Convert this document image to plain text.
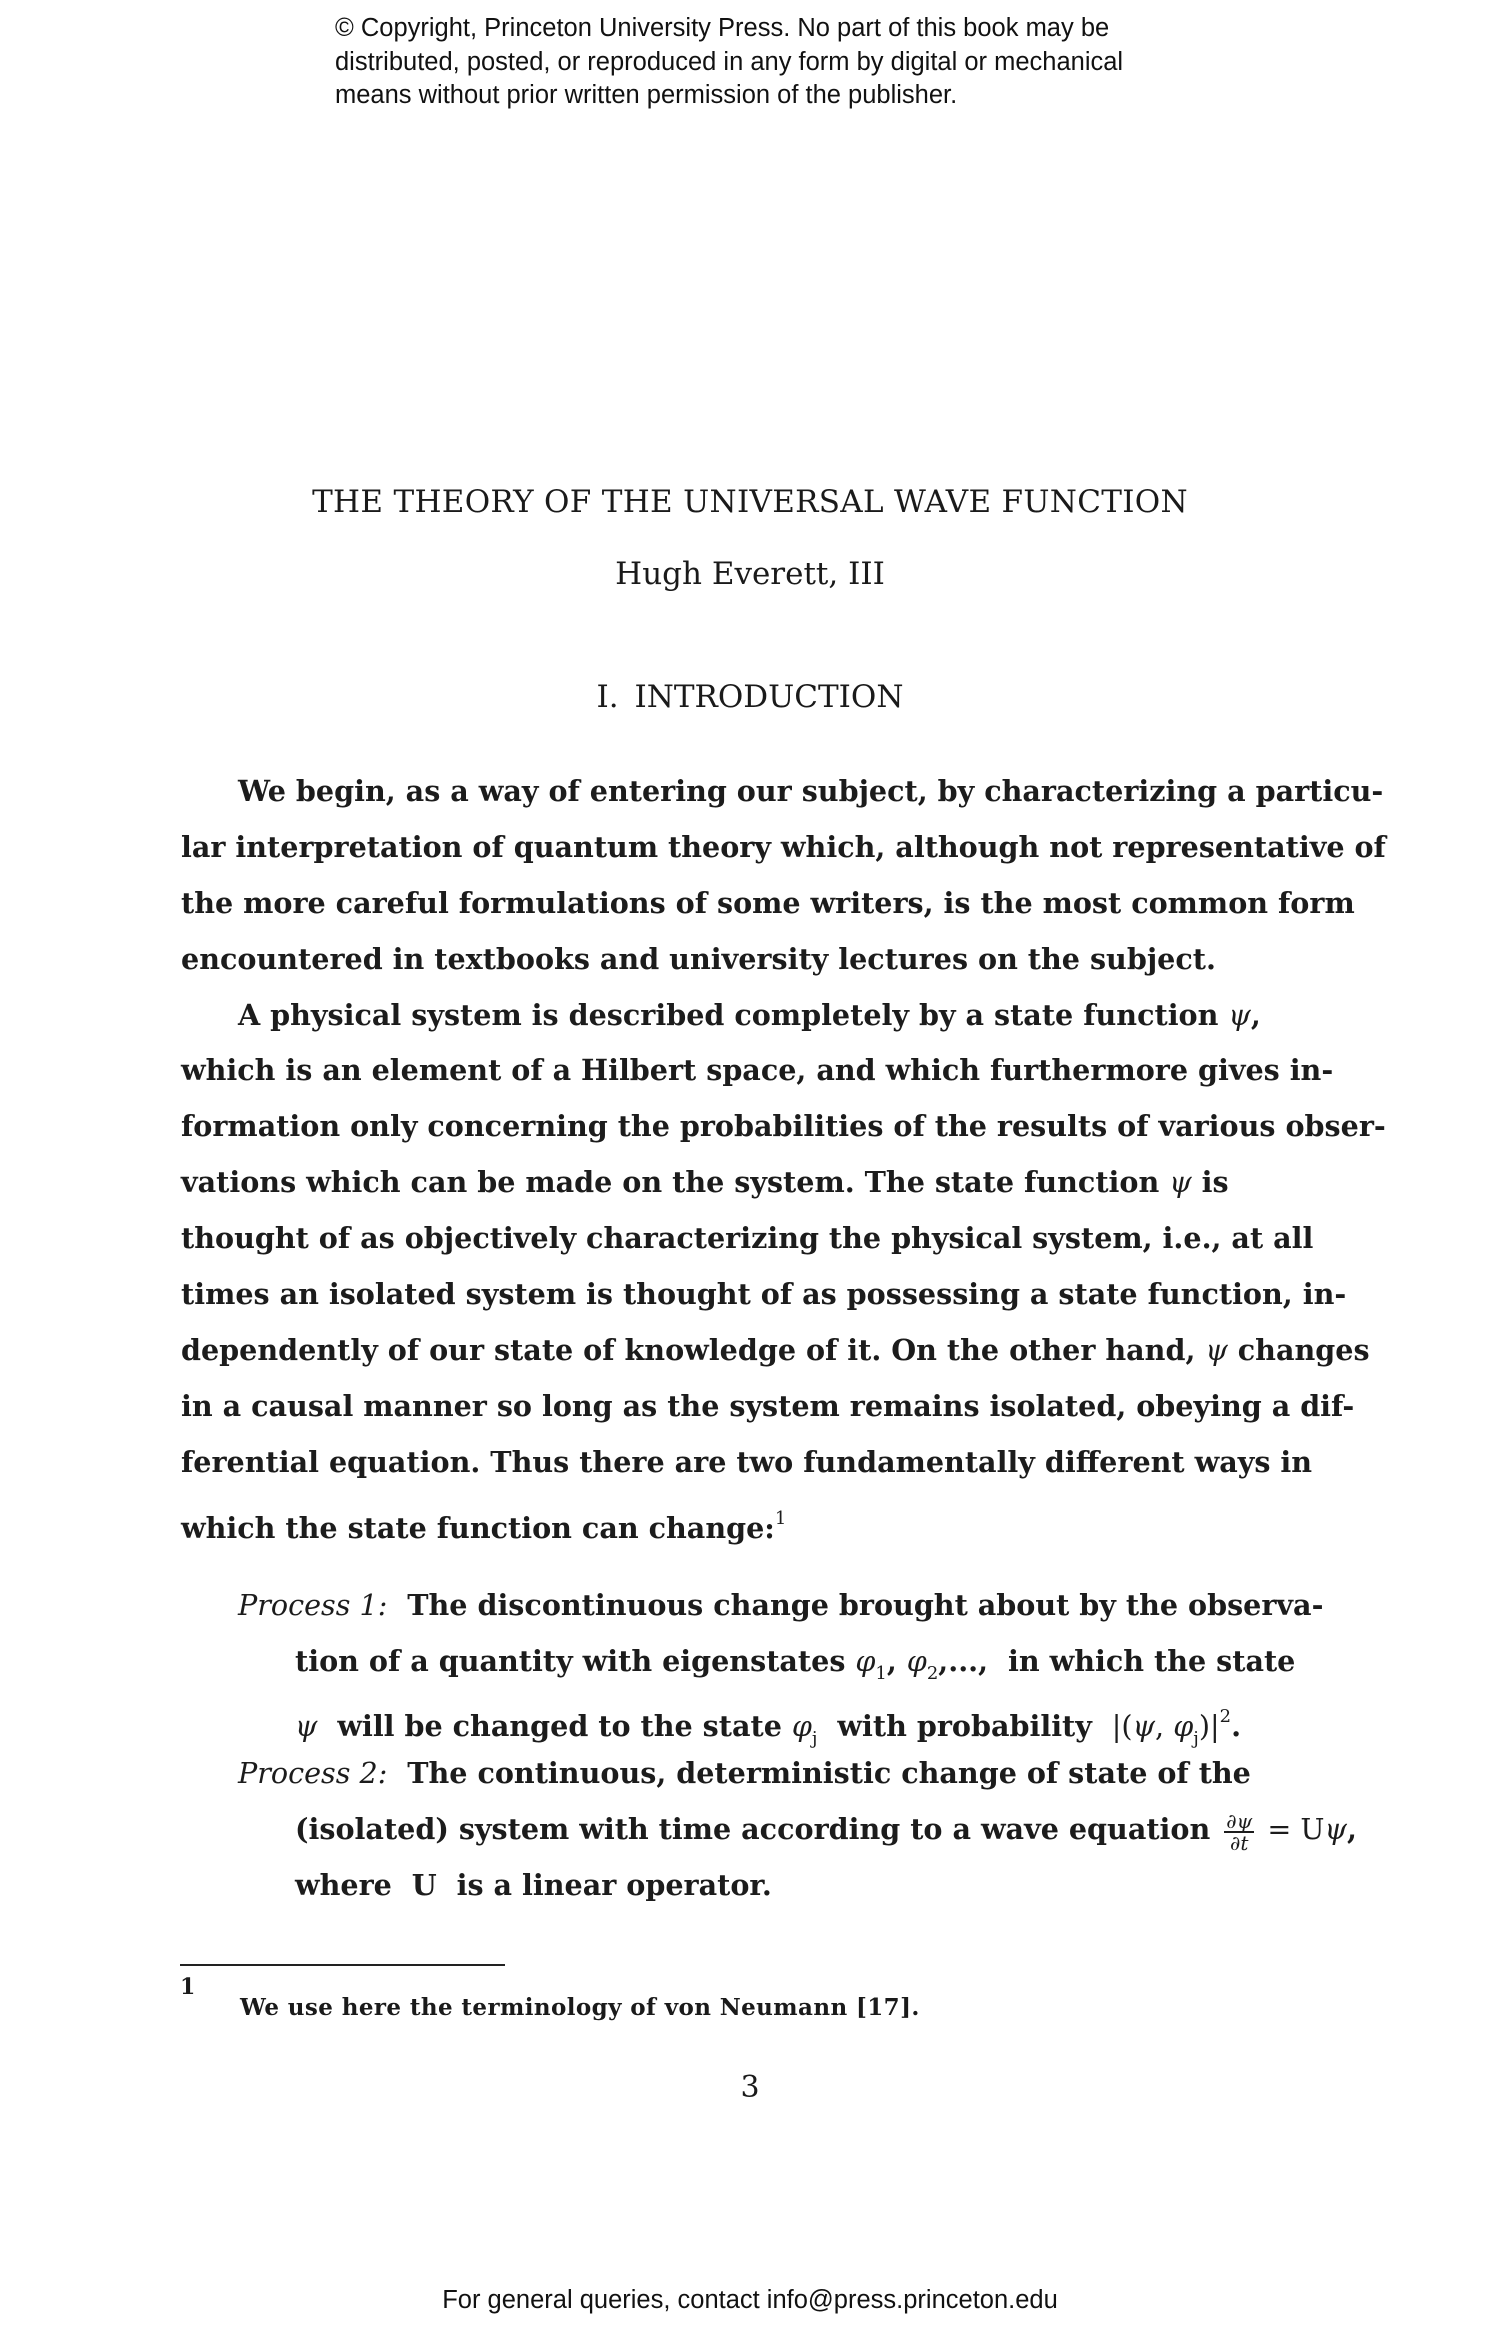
© Copyright, Princeton University Press. No part of this book may be
distributed, posted, or reproduced in any form by digital or mechanical
means without prior written permission of the publisher.
THE THEORY OF THE UNIVERSAL WAVE FUNCTION
Hugh Everett, III
I. INTRODUCTION
We begin, as a way of entering our subject, by characterizing a particu-
lar interpretation of quantum theory which, although not representative of
the more careful formulations of some writers, is the most common form
encountered in textbooks and university lectures on the subject.
A physical system is described completely by a state function ψ,
which is an element of a Hilbert space, and which furthermore gives in-
formation only concerning the probabilities of the results of various obser-
vations which can be made on the system. The state function ψ is
thought of as objectively characterizing the physical system, i.e., at all
times an isolated system is thought of as possessing a state function, in-
dependently of our state of knowledge of it. On the other hand, ψ changes
in a causal manner so long as the system remains isolated, obeying a dif-
ferential equation. Thus there are two fundamentally different ways in
which the state function can change:$^1$
Process 1:  The discontinuous change brought about by the observa-
tion of a quantity with eigenstates $\varphi_1$, $\varphi_2$,...,  in which the state
ψ  will be changed to the state $\varphi_j$  with probability  |(ψ, $\varphi_j)|^2$.
Process 2:  The continuous, deterministic change of state of the
(isolated) system with time according to a wave equation $\frac{\partial\psi}{\partial t} = U\psi$,
where  U  is a linear operator.
1
We use here the terminology of von Neumann [17].
3
For general queries, contact info@press.princeton.edu
